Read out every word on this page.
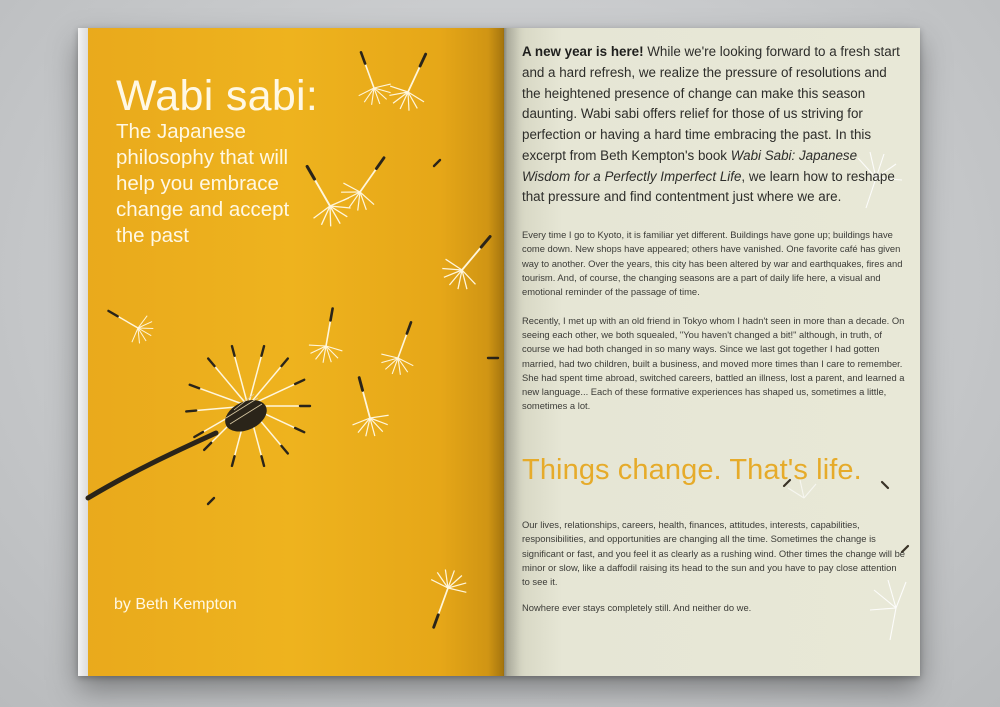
Wabi sabi:
The Japanese philosophy that will help you embrace change and accept the past

by Beth Kempton

A new year is here! While we're looking forward to a fresh start and a hard refresh, we realize the pressure of resolutions and the heightened presence of change can make this season daunting. Wabi sabi offers relief for those of us striving for perfection or having a hard time embracing the past. In this excerpt from Beth Kempton's book Wabi Sabi: Japanese Wisdom for a Perfectly Imperfect Life, we learn how to reshape that pressure and find contentment just where we are.

Every time I go to Kyoto, it is familiar yet different. Buildings have gone up; buildings have come down. New shops have appeared; others have vanished. One favorite café has given way to another. Over the years, this city has been altered by war and earthquakes, fires and tourism. And, of course, the changing seasons are a part of daily life here, a visual and emotional reminder of the passage of time.

Recently, I met up with an old friend in Tokyo whom I hadn't seen in more than a decade. On seeing each other, we both squealed, "You haven't changed a bit!" although, in truth, of course we had both changed in so many ways. Since we last got together I had gotten married, had two children, built a business, and moved more times than I care to remember. She had spent time abroad, switched careers, battled an illness, lost a parent, and learned a new language... Each of these formative experiences has shaped us, sometimes a little, sometimes a lot.

Things change. That's life.

Our lives, relationships, careers, health, finances, attitudes, interests, capabilities, responsibilities, and opportunities are changing all the time. Sometimes the change is significant or fast, and you feel it as clearly as a rushing wind. Other times the change will be minor or slow, like a daffodil raising its head to the sun and you have to pay close attention to see it.

Nowhere ever stays completely still. And neither do we.
